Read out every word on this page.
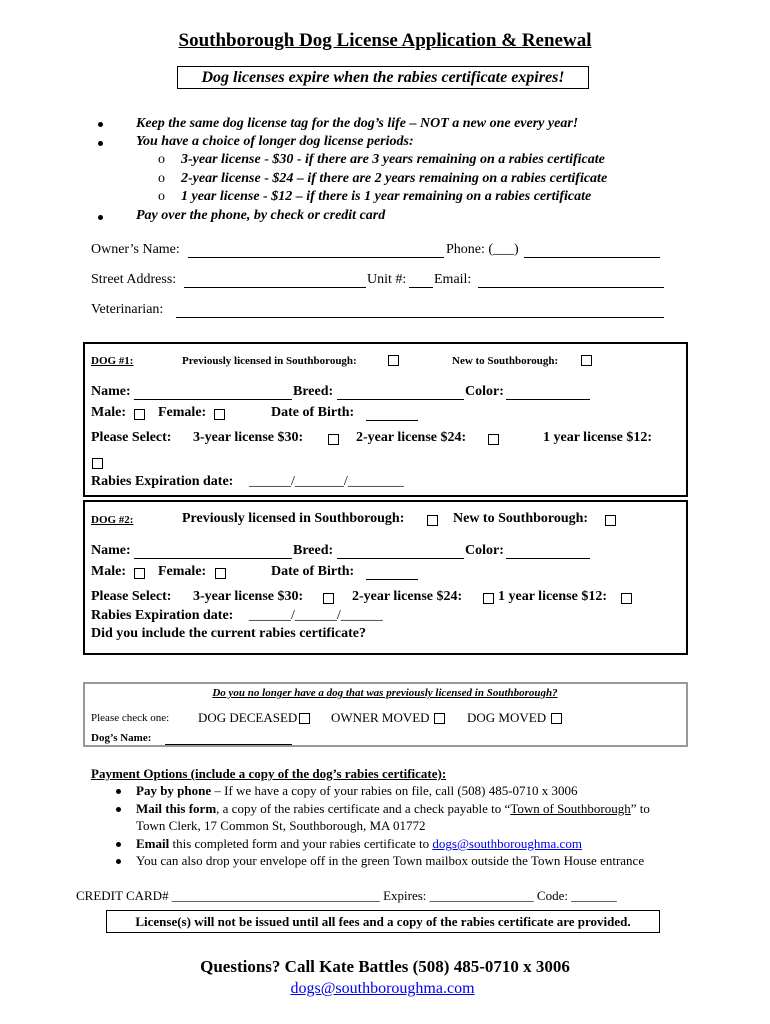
Southborough Dog License Application & Renewal
Dog licenses expire when the rabies certificate expires!
Keep the same dog license tag for the dog’s life – NOT a new one every year!
You have a choice of longer dog license periods:
o 3-year license - $30 - if there are 3 years remaining on a rabies certificate
o 2-year license - $24 – if there are 2 years remaining on a rabies certificate
o 1 year license - $12 – if there is 1 year remaining on a rabies certificate
Pay over the phone, by check or credit card
Owner’s Name:	Phone: (___)
Street Address:	Unit #: Email:
Veterinarian:
DOG #1:	Previously licensed in Southborough:	New to Southborough:
Name:	Breed:	Color:
Male: Female:	Date of Birth:
Please Select: 3-year license $30:	2-year license $24:	1 year license $12:
Rabies Expiration date: ______/_______/________
DOG #2:	Previously licensed in Southborough:	New to Southborough:
Name:	Breed:	Color:
Male: Female:	Date of Birth:
Please Select: 3-year license $30:	2-year license $24:	1 year license $12:
Rabies Expiration date: ______/______/______
Did you include the current rabies certificate?
Do you no longer have a dog that was previously licensed in Southborough?
Please check one: DOG DECEASED	OWNER MOVED	DOG MOVED
Dog’s Name:
Payment Options (include a copy of the dog’s rabies certificate):
Pay by phone – If we have a copy of your rabies on file, call (508) 485-0710 x 3006
Mail this form, a copy of the rabies certificate and a check payable to “Town of Southborough” to
Town Clerk, 17 Common St, Southborough, MA 01772
Email this completed form and your rabies certificate to dogs@southboroughma.com
You can also drop your envelope off in the green Town mailbox outside the Town House entrance
CREDIT CARD# ________________________________ Expires: ________________ Code: _______
License(s) will not be issued until all fees and a copy of the rabies certificate are provided.
Questions? Call Kate Battles (508) 485-0710 x 3006
dogs@southboroughma.com
